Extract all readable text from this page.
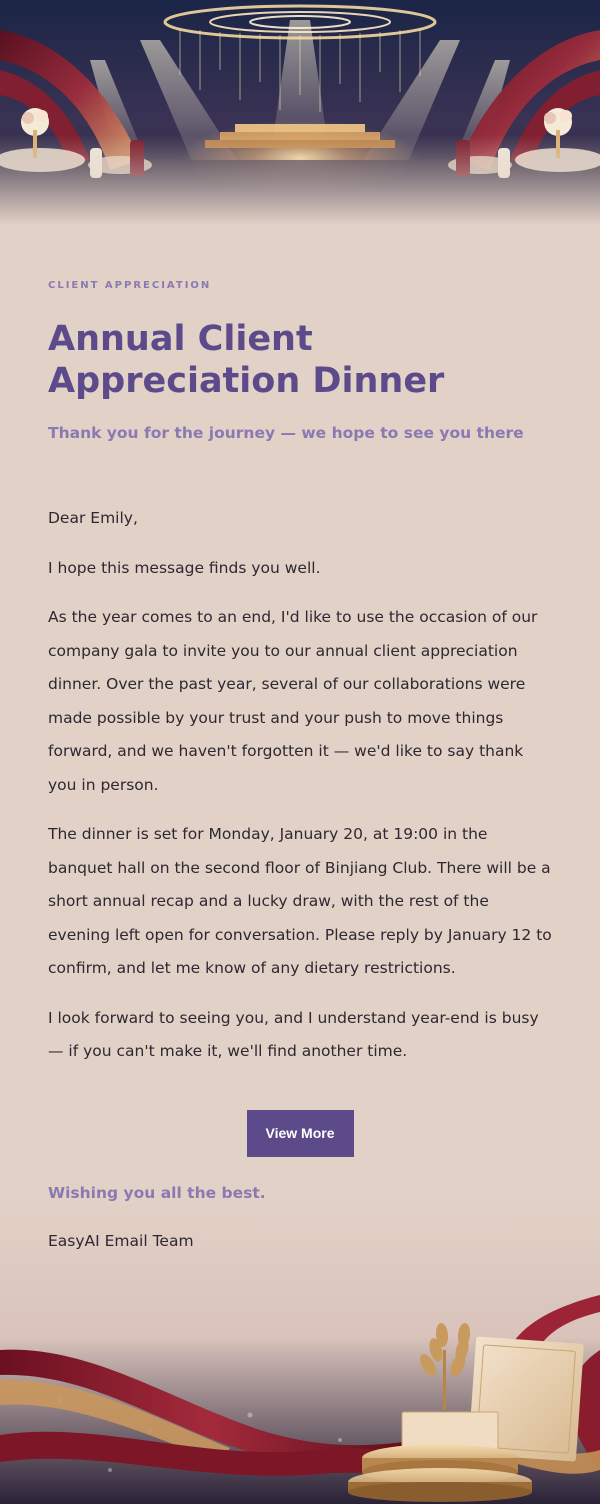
CLIENT APPRECIATION
Annual Client Appreciation Dinner
Thank you for the journey — we hope to see you there

Dear Emily,

I hope this message finds you well.

As the year comes to an end, I'd like to use the occasion of our company gala to invite you to our annual client appreciation dinner. Over the past year, several of our collaborations were made possible by your trust and your push to move things forward, and we haven't forgotten it — we'd like to say thank you in person.

The dinner is set for Monday, January 20, at 19:00 in the banquet hall on the second floor of Binjiang Club. There will be a short annual recap and a lucky draw, with the rest of the evening left open for conversation. Please reply by January 12 to confirm, and let me know of any dietary restrictions.

I look forward to seeing you, and I understand year-end is busy — if you can't make it, we'll find another time.

View More
Wishing you all the best.
EasyAI Email Team
